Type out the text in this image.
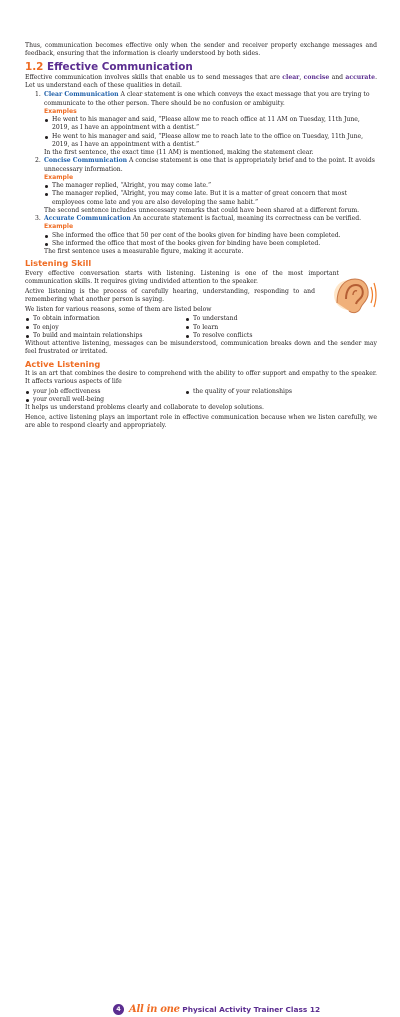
Thus, communication becomes effective only when the sender and receiver properly exchange messages and feedback, ensuring that the information is clearly understood by both sides.

1.2 Effective Communication

Effective communication involves skills that enable us to send messages that are clear, concise and accurate. Let us understand each of these qualities in detail.

1. Clear Communication A clear statement is one which conveys the exact message that you are trying to communicate to the other person. There should be no confusion or ambiguity.
Examples
He went to his manager and said, “Please allow me to reach office at 11 AM on Tuesday, 11th June, 2019, as I have an appointment with a dentist.”
He went to his manager and said, “Please allow me to reach late to the office on Tuesday, 11th June, 2019, as I have an appointment with a dentist.”
In the first sentence, the exact time (11 AM) is mentioned, making the statement clear.
2. Concise Communication A concise statement is one that is appropriately brief and to the point. It avoids unnecessary information.
Example
The manager replied, “Alright, you may come late.”
The manager replied, “Alright, you may come late. But it is a matter of great concern that most employees come late and you are also developing the same habit.”
The second sentence includes unnecessary remarks that could have been shared at a different forum.
3. Accurate Communication An accurate statement is factual, meaning its correctness can be verified.
Example
She informed the office that 50 per cent of the books given for binding have been completed.
She informed the office that most of the books given for binding have been completed.
The first sentence uses a measurable figure, making it accurate.
Listening Skill

Every effective conversation starts with listening. Listening is one of the most important communication skills. It requires giving undivided attention to the speaker.

Active listening is the process of carefully hearing, understanding, responding to and remembering what another person is saying.

We listen for various reasons, some of them are listed below

To obtain information	To understand
To enjoy	To learn
To build and maintain relationships	To resolve conflicts

Without attentive listening, messages can be misunderstood, communication breaks down and the sender may feel frustrated or irritated.

Active Listening

It is an art that combines the desire to comprehend with the ability to offer support and empathy to the speaker. It affects various aspects of life

your job effectiveness	the quality of your relationships
your overall well-being

It helps us understand problems clearly and collaborate to develop solutions.

Hence, active listening plays an important role in effective communication because when we listen carefully, we are able to respond clearly and appropriately.

4 All in one Physical Activity Trainer Class 12
